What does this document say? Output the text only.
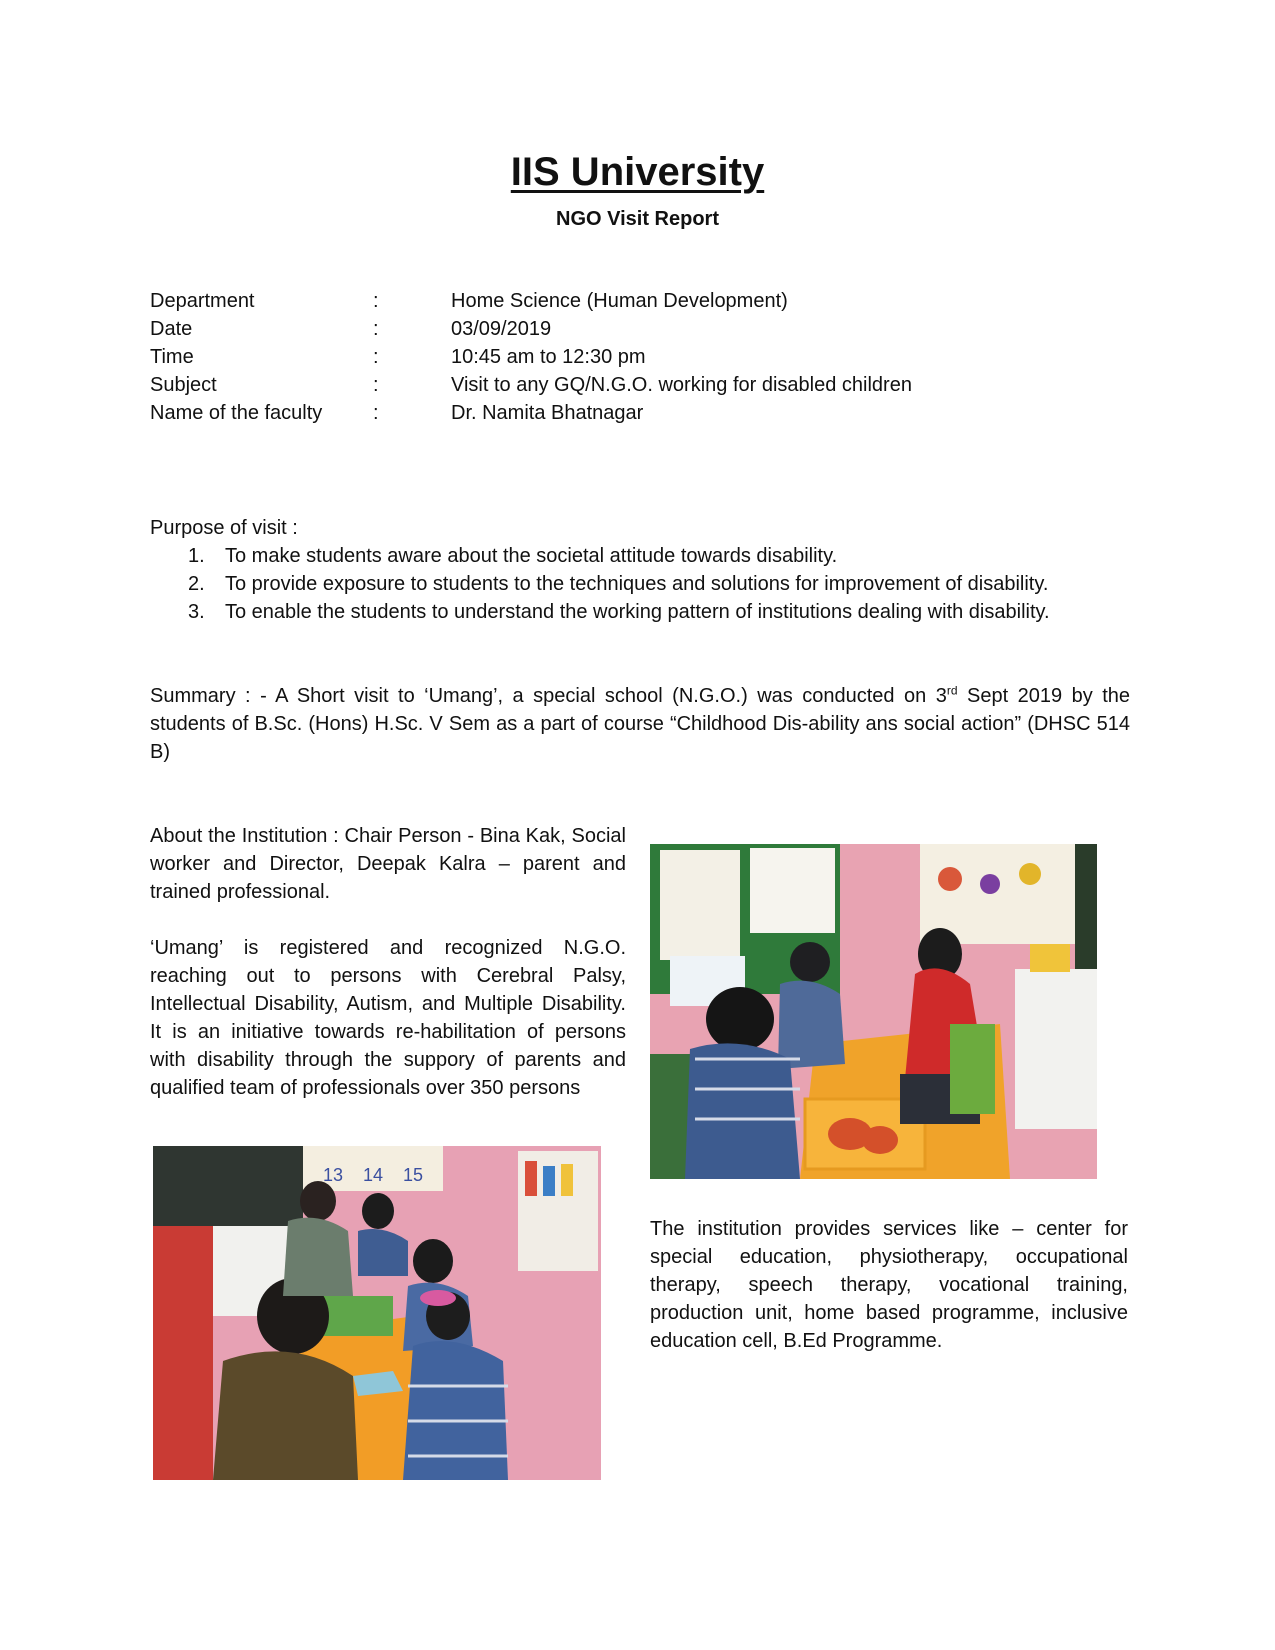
IIS University
NGO Visit Report
Department	:	Home Science (Human Development)
Date	:	03/09/2019
Time	:	10:45 am to 12:30 pm
Subject	:	Visit to any GQ/N.G.O. working for disabled children
Name of the faculty	:	Dr. Namita Bhatnagar
Purpose of visit :
1. To make students aware about the societal attitude towards disability.
2. To provide exposure to students to the techniques and solutions for improvement of disability.
3. To enable the students to understand the working pattern of institutions dealing with disability.
Summary : - A Short visit to ‘Umang’, a special school (N.G.O.) was conducted on 3rd Sept 2019 by the students of B.Sc. (Hons) H.Sc. V Sem as a part of course “Childhood Dis-ability ans social action” (DHSC 514 B)

About the Institution : Chair Person - Bina Kak, Social worker and Director, Deepak Kalra – parent and trained professional.

‘Umang’ is registered and recognized N.G.O. reaching out to persons with Cerebral Palsy, Intellectual Disability, Autism, and Multiple Disability. It is an initiative towards re-habilitation of persons with disability through the suppory of parents and qualified team of professionals over 350 persons

13 14 15
The institution provides services like – center for special education, physiotherapy, occupational therapy, speech therapy, vocational training, production unit, home based programme, inclusive education cell, B.Ed Programme.
